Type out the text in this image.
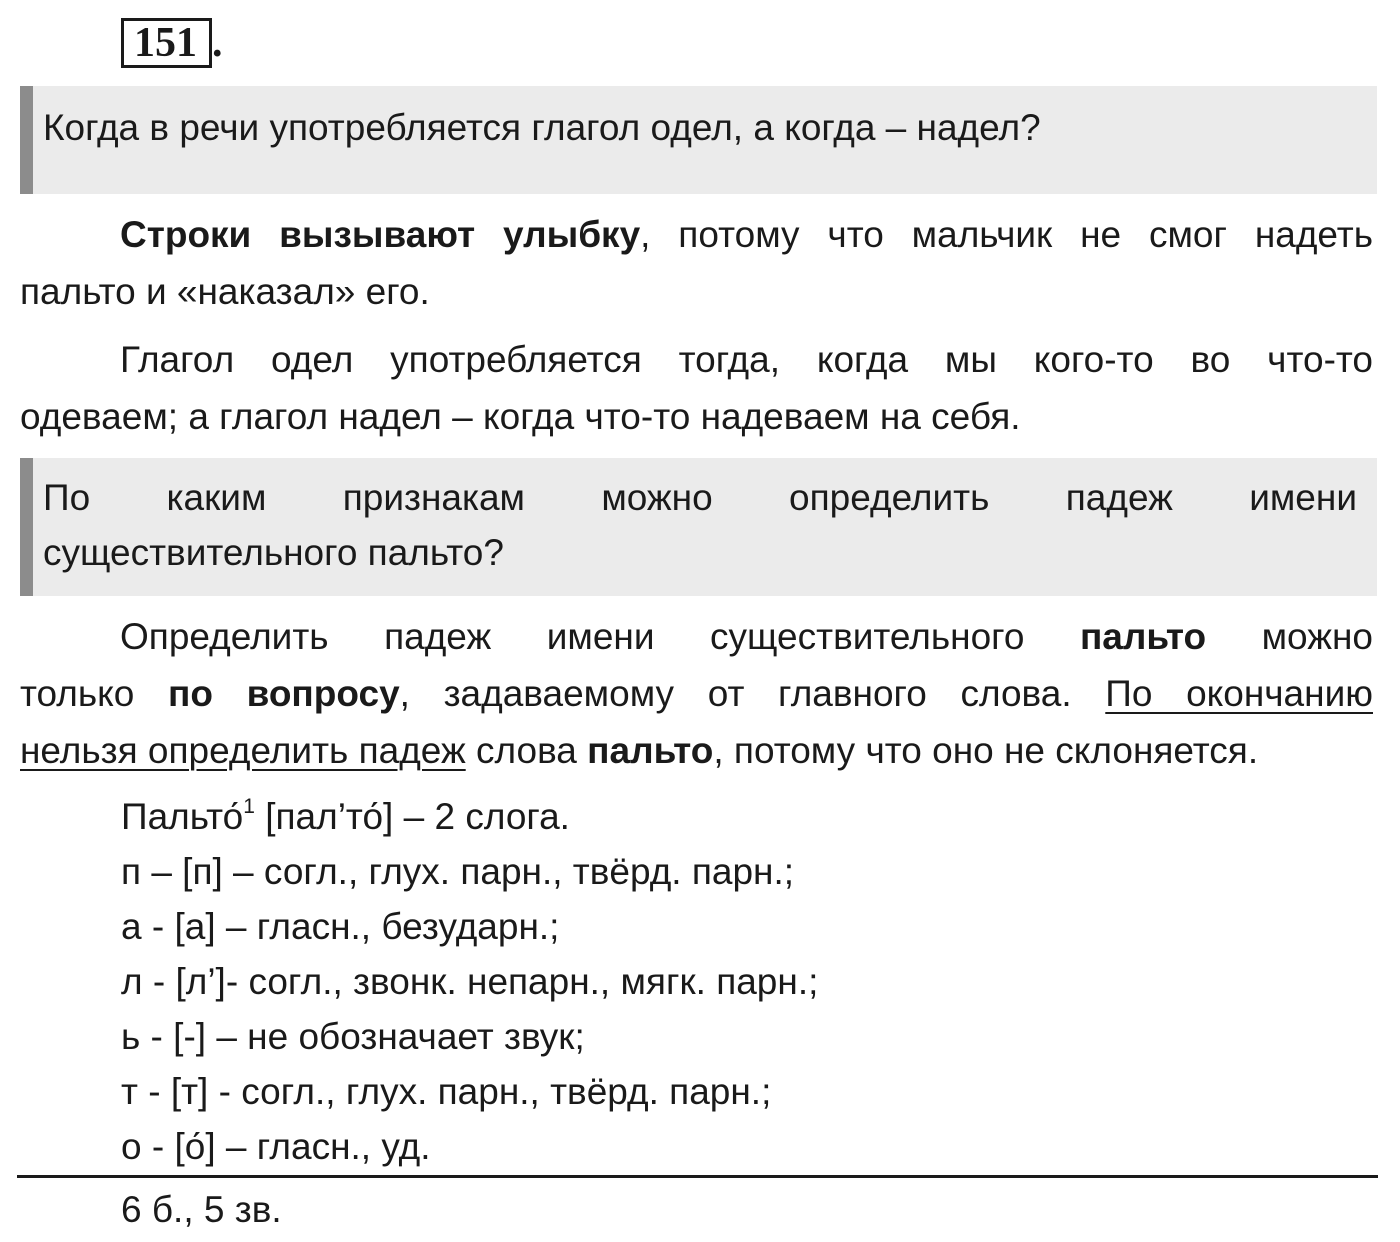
151 .
Когда в речи употребляется глагол одел, а когда – надел?
Строки вызывают улыбку, потому что мальчик не смог надеть
пальто и «наказал» его.
Глагол одел употребляется тогда, когда мы кого-то во что-то
одеваем; а глагол надел – когда что-то надеваем на себя.
По каким признакам можно определить падеж имени
существительного пальто?
Определить падеж имени существительного пальто можно
только по вопросу, задаваемому от главного слова. По окончанию
нельзя определить падеж слова пальто, потому что оно не склоняется.
Пальто́$^1$ [пал’то́] – 2 слога.
п – [п] – согл., глух. парн., твёрд. парн.;
а - [а] – гласн., безударн.;
л - [л’]- согл., звонк. непарн., мягк. парн.;
ь - [-] – не обозначает звук;
т - [т] - согл., глух. парн., твёрд. парн.;
о - [о́] – гласн., уд.
6 б., 5 зв.
